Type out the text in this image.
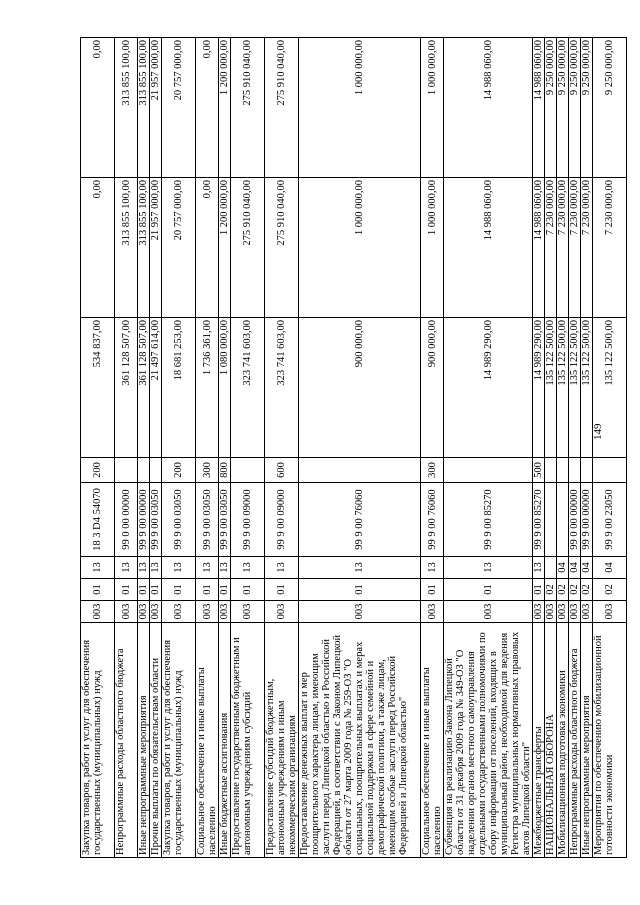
149
Закупка товаров, работ и услуг для обеспечения государственных (муниципальных) нужд	003	01	13	18 3 D4 54070	200	534 837,00	0,00	0,00
Непрограммные расходы областного бюджета	003	01	13	99 0 00 00000		361 128 507,00	313 855 100,00	313 855 100,00
Иные непрограммные мероприятия	003	01	13	99 9 00 00000		361 128 507,00	313 855 100,00	313 855 100,00
Прочие выплаты по обязательствам области	003	01	13	99 9 00 03050		21 497 614,00	21 957 000,00	21 957 000,00
Закупка товаров, работ и услуг для обеспечения государственных (муниципальных) нужд	003	01	13	99 9 00 03050	200	18 681 253,00	20 757 000,00	20 757 000,00
Социальное обеспечение и иные выплаты населению	003	01	13	99 9 00 03050	300	1 736 361,00	0,00	0,00
Иные бюджетные ассигнования	003	01	13	99 9 00 03050	800	1 080 000,00	1 200 000,00	1 200 000,00
Предоставление государственным бюджетным и автономным учреждениям субсидий	003	01	13	99 9 00 09000		323 741 603,00	275 910 040,00	275 910 040,00
Предоставление субсидий бюджетным, автономным учреждениям и иным некоммерческим организациям	003	01	13	99 9 00 09000	600	323 741 603,00	275 910 040,00	275 910 040,00
Предоставление денежных выплат и мер поощрительного характера лицам, имеющим заслуги перед Липецкой областью и Российской Федерацией, в соответствии с Законом Липецкой области от 27 марта 2009 года № 259-ОЗ "О социальных, поощрительных выплатах и мерах социальной поддержки в сфере семейной и демографической политики, а также лицам, имеющим особые заслуги перед Российской Федерацией и Липецкой областью"	003	01	13	99 9 00 76060		900 000,00	1 000 000,00	1 000 000,00
Социальное обеспечение и иные выплаты населению	003	01	13	99 9 00 76060	300	900 000,00	1 000 000,00	1 000 000,00
Субвенция на реализацию Закона Липецкой области от 31 декабря 2009 года № 349-ОЗ "О наделении органов местного самоуправления отдельными государственными полномочиями по сбору информации от поселений, входящих в муниципальный район, необходимой для ведения Регистра муниципальных нормативных правовых актов Липецкой области"	003	01	13	99 9 00 85270		14 989 290,00	14 988 060,00	14 988 060,00
Межбюджетные трансферты	003	01	13	99 9 00 85270	500	14 989 290,00	14 988 060,00	14 988 060,00
НАЦИОНАЛЬНАЯ ОБОРОНА	003	02				135 122 500,00	7 230 000,00	9 250 000,00
Мобилизационная подготовка экономики	003	02	04			135 122 500,00	7 230 000,00	9 250 000,00
Непрограммные расходы областного бюджета	003	02	04	99 0 00 00000		135 122 500,00	7 230 000,00	9 250 000,00
Иные непрограммные мероприятия	003	02	04	99 9 00 00000		135 122 500,00	7 230 000,00	9 250 000,00
Мероприятия по обеспечению мобилизационной готовности экономики	003	02	04	99 9 00 23050		135 122 500,00	7 230 000,00	9 250 000,00
